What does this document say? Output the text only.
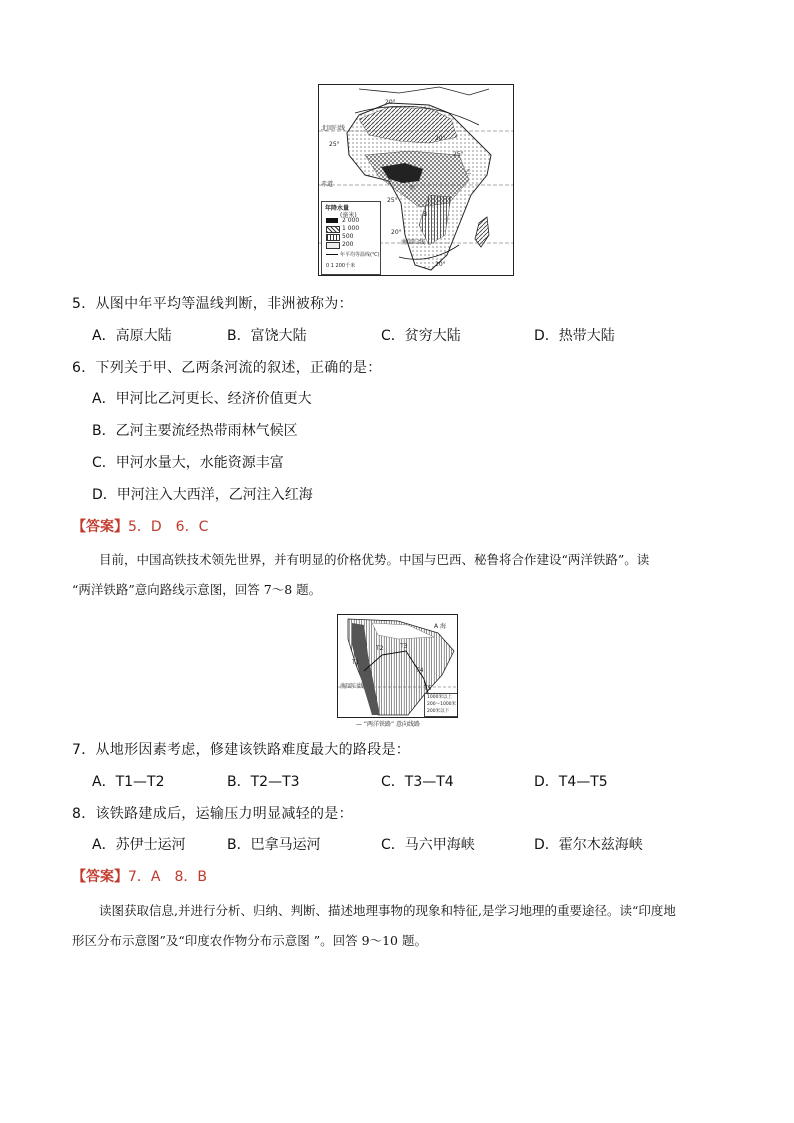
20°
北回归线
25°
20°
25°
赤道
甲
乙
B
25°
20°
南回归线
20°
年降水量
(毫米)
2 000
1 000
500
200
年平均等温线(℃)
0 1 200千米
5．从图中年平均等温线判断，非洲被称为：
A．高原大陆	B．富饶大陆	C．贫穷大陆	D．热带大陆
6．下列关于甲、乙两条河流的叙述，正确的是：
A．甲河比乙河更长、经济价值更大
B．乙河主要流经热带雨林气候区
C．甲河水量大，水能资源丰富
D．甲河注入大西洋，乙河注入红海
【答案】5．D　6．C
目前，中国高铁技术领先世界，并有明显的价格优势。中国与巴西、秘鲁将合作建设“两洋铁路”。读
“两洋铁路”意向路线示意图，回答 7～8 题。
A 海
T1
T2	T3
T4
T5
南回归线
1000米以上
200～1000米
200米以下
— “两洋铁路” 意向线路
7．从地形因素考虑，修建该铁路难度最大的路段是：
A．T1—T2	B．T2—T3	C．T3—T4	D．T4—T5
8．该铁路建成后，运输压力明显减轻的是：
A．苏伊士运河	B．巴拿马运河	C．马六甲海峡	D．霍尔木兹海峡
【答案】7．A　8．B
读图获取信息,并进行分析、归纳、判断、描述地理事物的现象和特征,是学习地理的重要途径。读“印度地
形区分布示意图”及“印度农作物分布示意图 ”。回答 9～10 题。
